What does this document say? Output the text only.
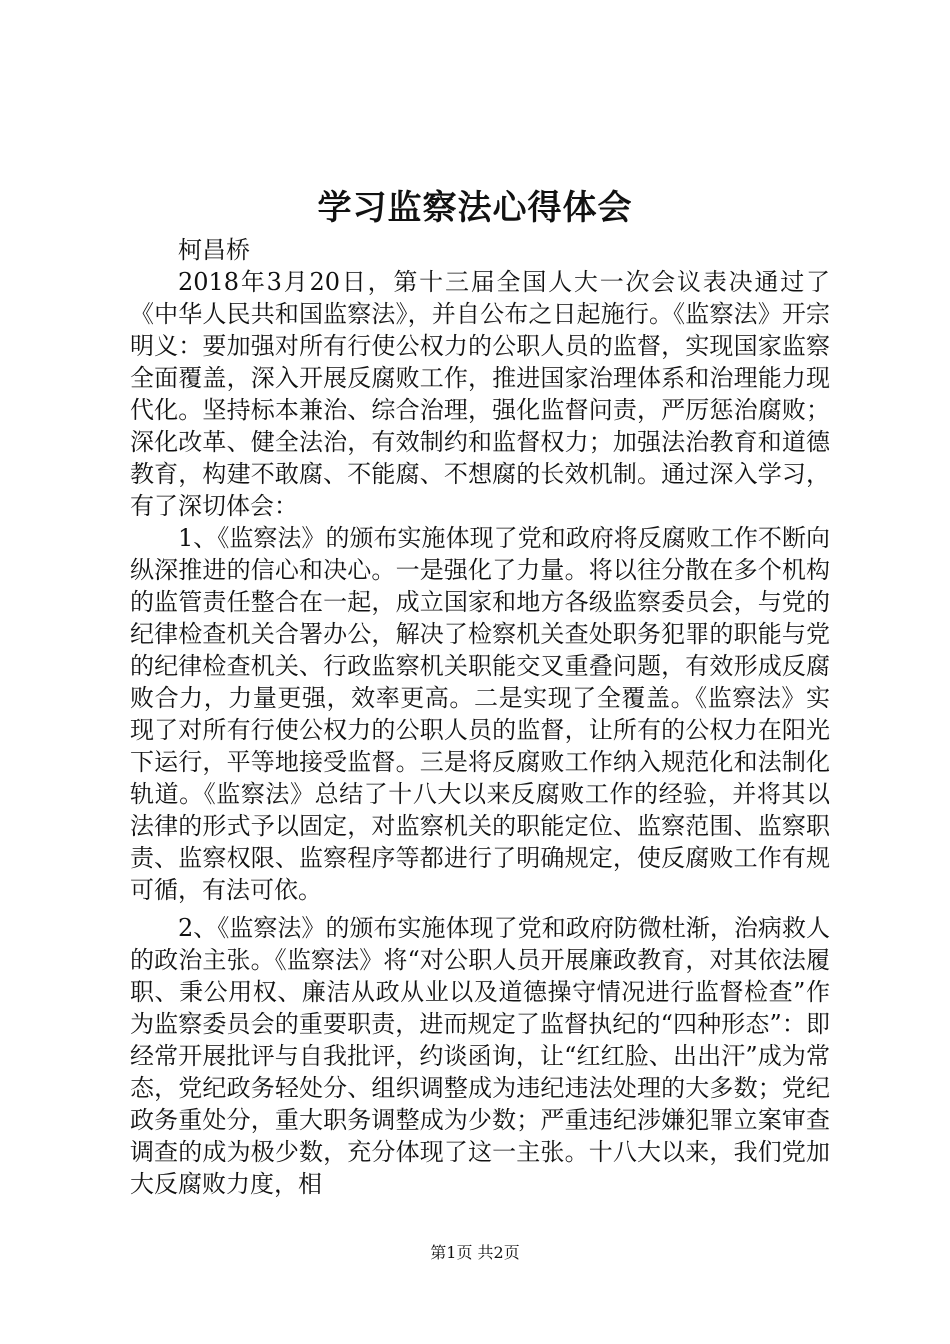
学习监察法心得体会

柯昌桥

2018年3月20日，第十三届全国人大一次会议表决通过了《中华人民共和国监察法》，并自公布之日起施行。《监察法》开宗明义：要加强对所有行使公权力的公职人员的监督，实现国家监察全面覆盖，深入开展反腐败工作，推进国家治理体系和治理能力现代化。坚持标本兼治、综合治理，强化监督问责，严厉惩治腐败；深化改革、健全法治，有效制约和监督权力；加强法治教育和道德教育，构建不敢腐、不能腐、不想腐的长效机制。通过深入学习，有了深切体会：

1、《监察法》的颁布实施体现了党和政府将反腐败工作不断向纵深推进的信心和决心。一是强化了力量。将以往分散在多个机构的监管责任整合在一起，成立国家和地方各级监察委员会，与党的纪律检查机关合署办公，解决了检察机关查处职务犯罪的职能与党的纪律检查机关、行政监察机关职能交叉重叠问题，有效形成反腐败合力，力量更强，效率更高。二是实现了全覆盖。《监察法》实现了对所有行使公权力的公职人员的监督，让所有的公权力在阳光下运行，平等地接受监督。三是将反腐败工作纳入规范化和法制化轨道。《监察法》总结了十八大以来反腐败工作的经验，并将其以法律的形式予以固定，对监察机关的职能定位、监察范围、监察职责、监察权限、监察程序等都进行了明确规定，使反腐败工作有规可循，有法可依。

2、《监察法》的颁布实施体现了党和政府防微杜渐，治病救人的政治主张。《监察法》将“对公职人员开展廉政教育，对其依法履职、秉公用权、廉洁从政从业以及道德操守情况进行监督检查”作为监察委员会的重要职责，进而规定了监督执纪的“四种形态”：即经常开展批评与自我批评，约谈函询，让“红红脸、出出汗”成为常态，党纪政务轻处分、组织调整成为违纪违法处理的大多数；党纪政务重处分，重大职务调整成为少数；严重违纪涉嫌犯罪立案审查调查的成为极少数，充分体现了这一主张。十八大以来，我们党加大反腐败力度，相

第1页 共2页
